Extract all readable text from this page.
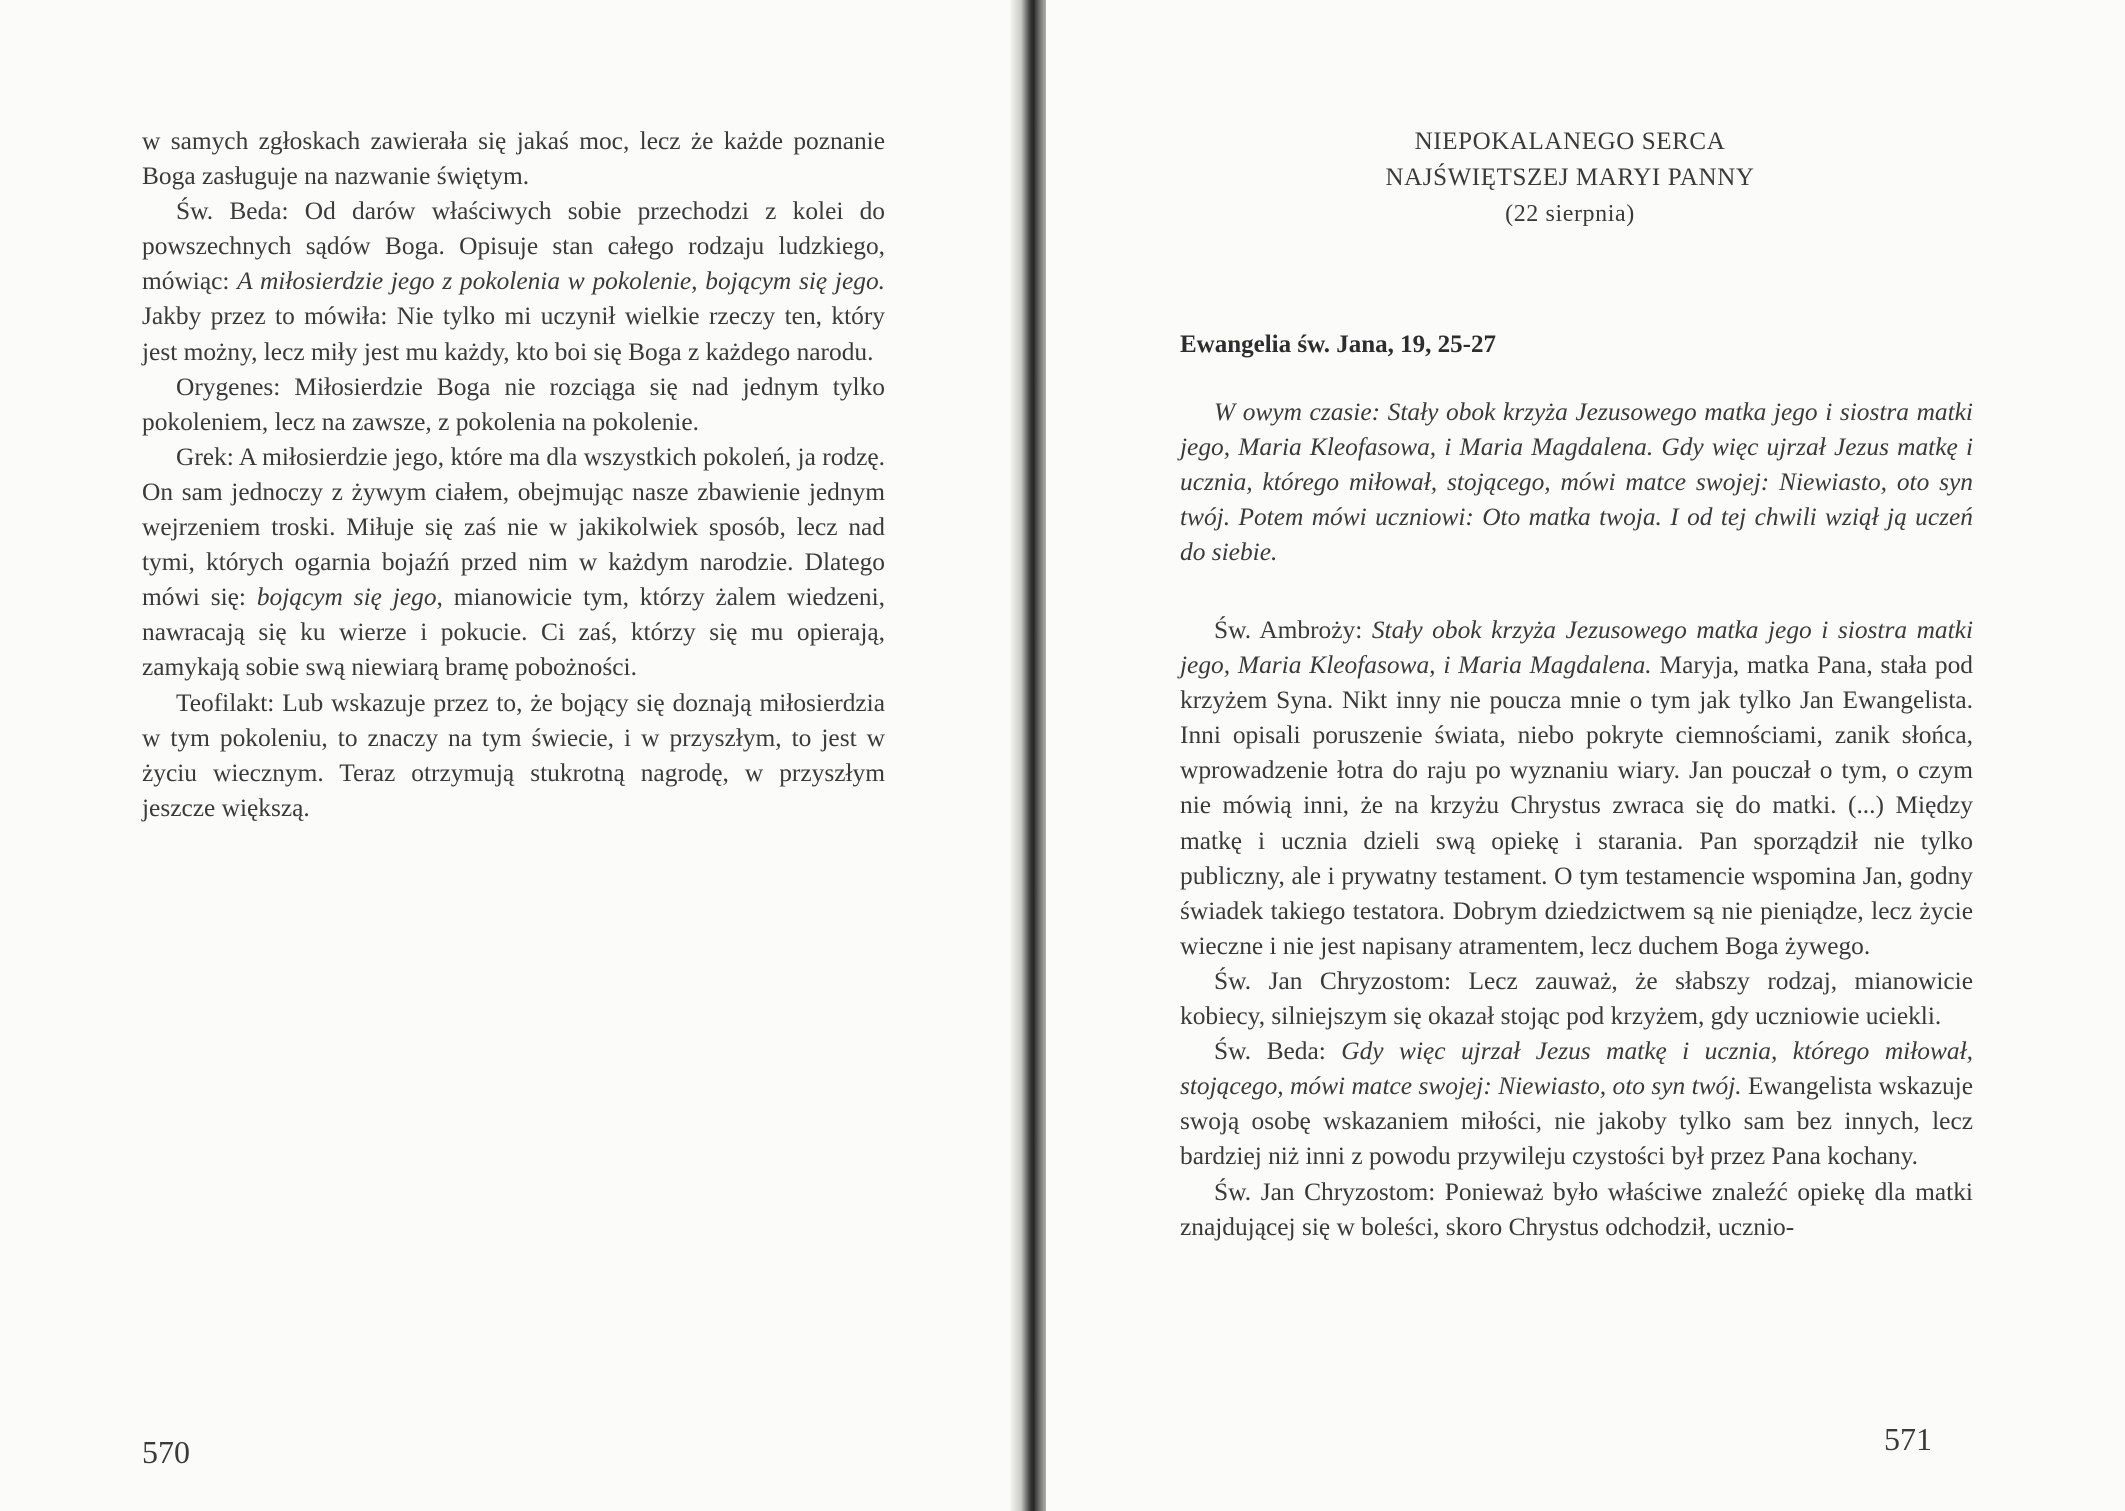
w samych zgłoskach zawierała się jakaś moc, lecz że każde poznanie Boga zasługuje na nazwanie świętym.

Św. Beda: Od darów właściwych sobie przechodzi z kolei do powszechnych sądów Boga. Opisuje stan całego rodzaju ludzkiego, mówiąc: A miłosierdzie jego z pokolenia w pokolenie, bojącym się jego. Jakby przez to mówiła: Nie tylko mi uczynił wielkie rzeczy ten, który jest możny, lecz miły jest mu każdy, kto boi się Boga z każdego narodu.

Orygenes: Miłosierdzie Boga nie rozciąga się nad jednym tylko pokoleniem, lecz na zawsze, z pokolenia na pokolenie.

Grek: A miłosierdzie jego, które ma dla wszystkich pokoleń, ja rodzę. On sam jednoczy z żywym ciałem, obejmując nasze zbawienie jednym wejrzeniem troski. Miłuje się zaś nie w jakikolwiek sposób, lecz nad tymi, których ogarnia bojaźń przed nim w każdym narodzie. Dlatego mówi się: bojącym się jego, mianowicie tym, którzy żalem wiedzeni, nawracają się ku wierze i pokucie. Ci zaś, którzy się mu opierają, zamykają sobie swą niewiarą bramę pobożności.

Teofilakt: Lub wskazuje przez to, że bojący się doznają miłosierdzia w tym pokoleniu, to znaczy na tym świecie, i w przyszłym, to jest w życiu wiecznym. Teraz otrzymują stukrotną nagrodę, w przyszłym jeszcze większą.

570
NIEPOKALANEGO SERCA
NAJŚWIĘTSZEJ MARYI PANNY
(22 sierpnia)
Ewangelia św. Jana, 19, 25-27

W owym czasie: Stały obok krzyża Jezusowego matka jego i siostra matki jego, Maria Kleofasowa, i Maria Magdalena. Gdy więc ujrzał Jezus matkę i ucznia, którego miłował, stojącego, mówi matce swojej: Niewiasto, oto syn twój. Potem mówi uczniowi: Oto matka twoja. I od tej chwili wziął ją uczeń do siebie.

Św. Ambroży: Stały obok krzyża Jezusowego matka jego i siostra matki jego, Maria Kleofasowa, i Maria Magdalena. Maryja, matka Pana, stała pod krzyżem Syna. Nikt inny nie poucza mnie o tym jak tylko Jan Ewangelista. Inni opisali poruszenie świata, niebo pokryte ciemnościami, zanik słońca, wprowadzenie łotra do raju po wyznaniu wiary. Jan pouczał o tym, o czym nie mówią inni, że na krzyżu Chrystus zwraca się do matki. (...) Między matkę i ucznia dzieli swą opiekę i starania. Pan sporządził nie tylko publiczny, ale i prywatny testament. O tym testamencie wspomina Jan, godny świadek takiego testatora. Dobrym dziedzictwem są nie pieniądze, lecz życie wieczne i nie jest napisany atramentem, lecz duchem Boga żywego.

Św. Jan Chryzostom: Lecz zauważ, że słabszy rodzaj, mianowicie kobiecy, silniejszym się okazał stojąc pod krzyżem, gdy uczniowie uciekli.

Św. Beda: Gdy więc ujrzał Jezus matkę i ucznia, którego miłował, stojącego, mówi matce swojej: Niewiasto, oto syn twój. Ewangelista wskazuje swoją osobę wskazaniem miłości, nie jakoby tylko sam bez innych, lecz bardziej niż inni z powodu przywileju czystości był przez Pana kochany.

Św. Jan Chryzostom: Ponieważ było właściwe znaleźć opiekę dla matki znajdującej się w boleści, skoro Chrystus odchodził, uczniо-

571
